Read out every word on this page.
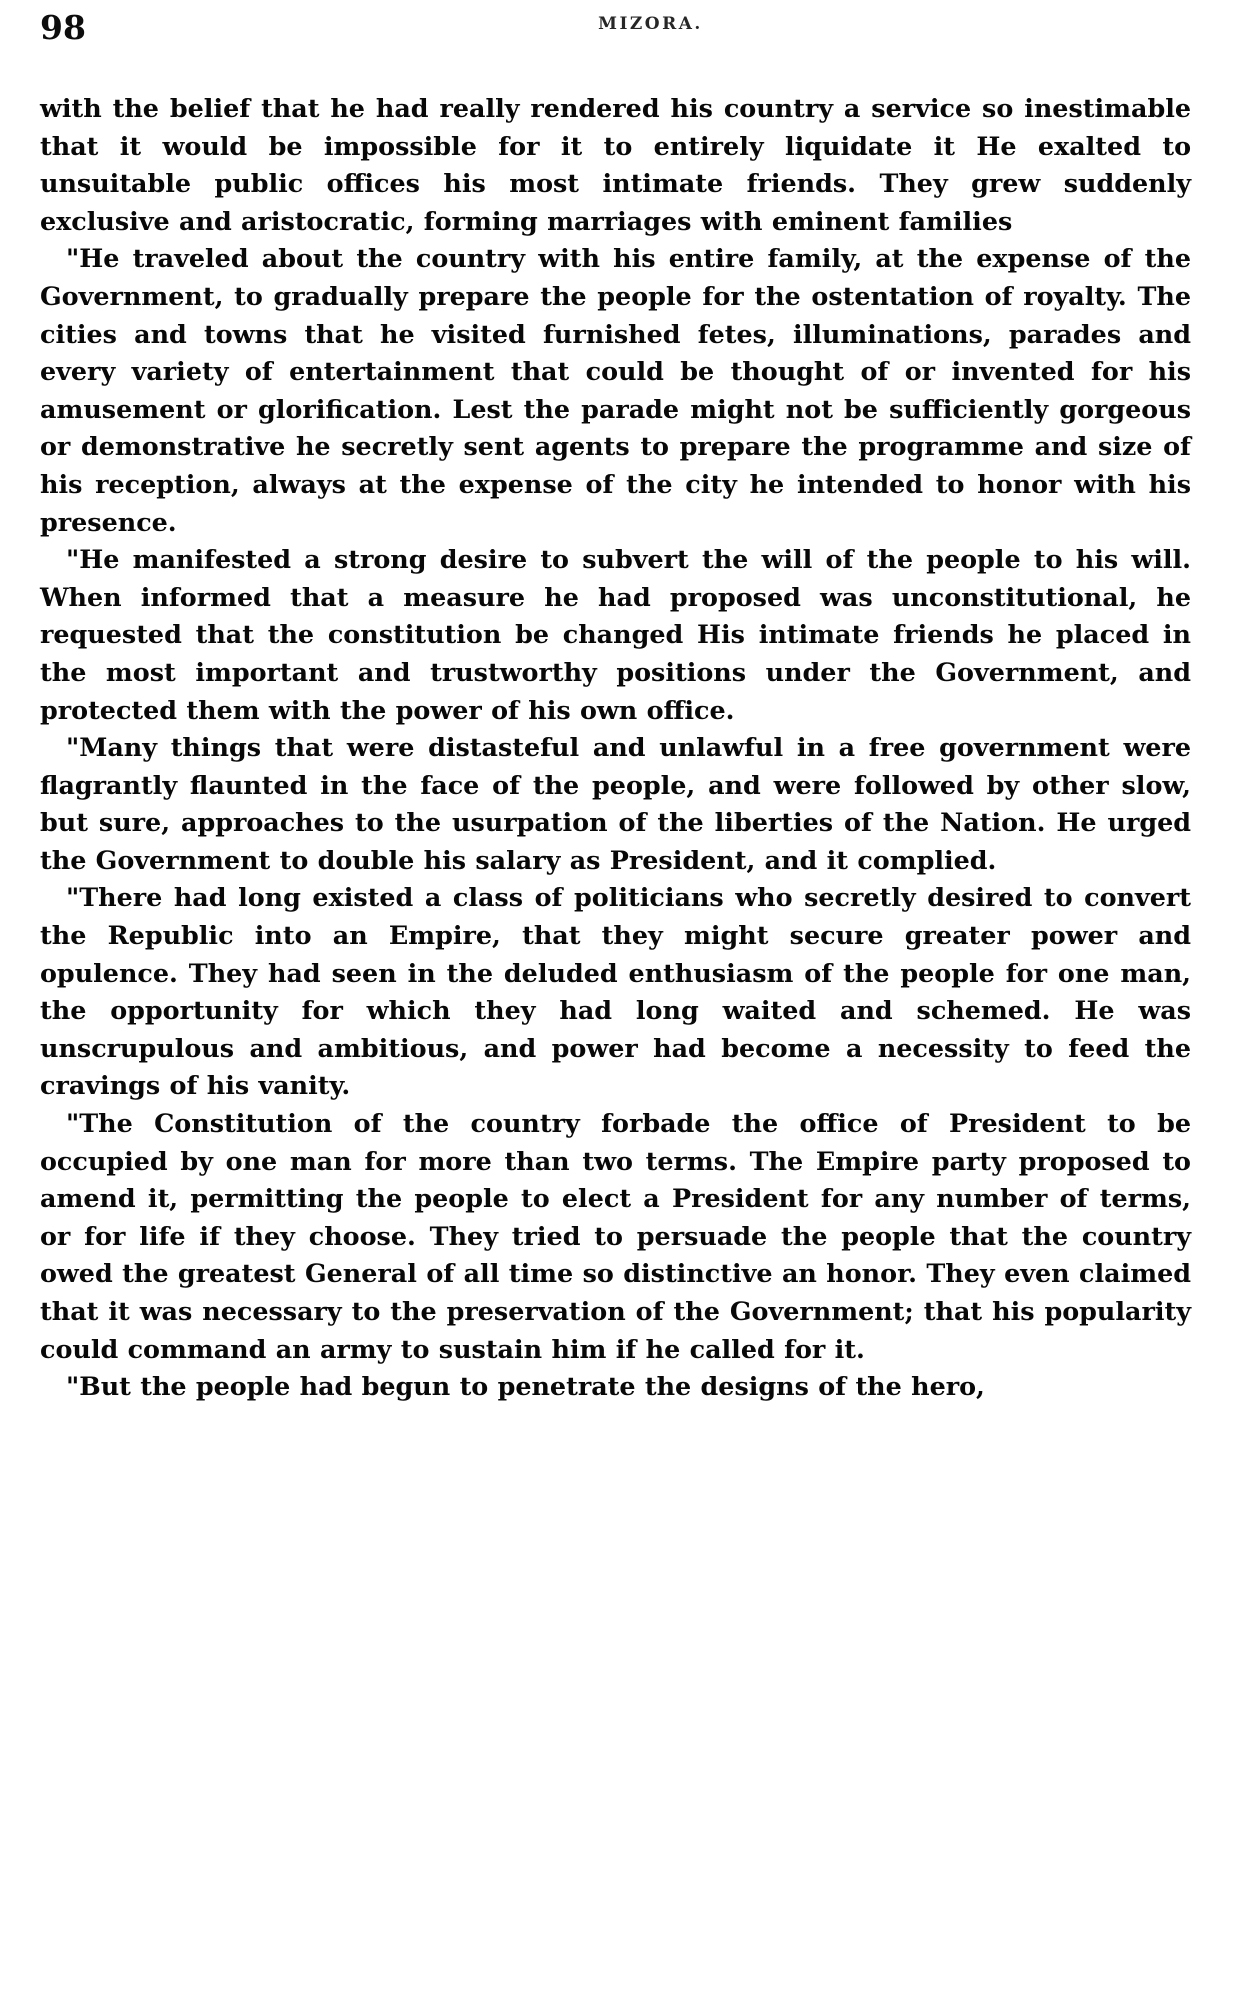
98	MIZORA.

with the belief that he had really rendered his country a service so inestimable that it would be impossible for it to entirely liquidate it He exalted to unsuitable public offices his most intimate friends. They grew suddenly exclusive and aristocratic, forming marriages with eminent families

"He traveled about the country with his entire family, at the expense of the Government, to gradually prepare the people for the ostentation of royalty. The cities and towns that he visited furnished fetes, illuminations, parades and every variety of entertainment that could be thought of or invented for his amusement or glorification. Lest the parade might not be sufficiently gorgeous or demonstrative he secretly sent agents to prepare the programme and size of his reception, always at the expense of the city he intended to honor with his presence.

"He manifested a strong desire to subvert the will of the people to his will. When informed that a measure he had proposed was unconstitutional, he requested that the constitution be changed His intimate friends he placed in the most important and trustworthy positions under the Government, and protected them with the power of his own office.

"Many things that were distasteful and unlawful in a free government were flagrantly flaunted in the face of the people, and were followed by other slow, but sure, approaches to the usurpation of the liberties of the Nation. He urged the Government to double his salary as President, and it complied.

"There had long existed a class of politicians who secretly desired to convert the Republic into an Empire, that they might secure greater power and opulence. They had seen in the deluded enthusiasm of the people for one man, the opportunity for which they had long waited and schemed. He was unscrupulous and ambitious, and power had become a necessity to feed the cravings of his vanity.

"The Constitution of the country forbade the office of President to be occupied by one man for more than two terms. The Empire party proposed to amend it, permitting the people to elect a President for any number of terms, or for life if they choose. They tried to persuade the people that the country owed the greatest General of all time so distinctive an honor. They even claimed that it was necessary to the preservation of the Government; that his popularity could command an army to sustain him if he called for it.

"But the people had begun to penetrate the designs of the hero,
